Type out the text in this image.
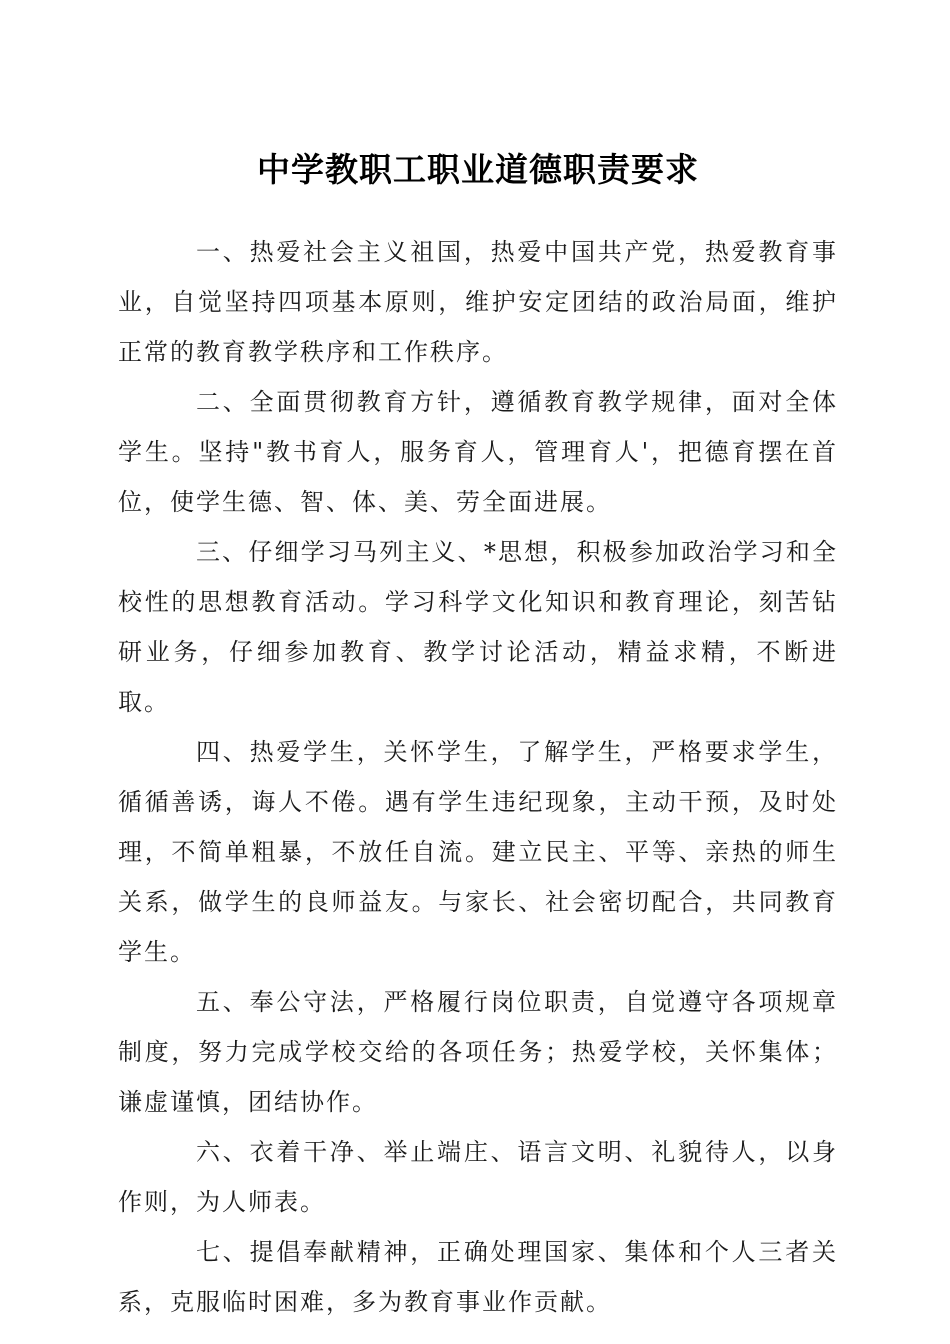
中学教职工职业道德职责要求

一、热爱社会主义祖国，热爱中国共产党，热爱教育事业，自觉坚持四项基本原则，维护安定团结的政治局面，维护正常的教育教学秩序和工作秩序。

二、全面贯彻教育方针，遵循教育教学规律，面对全体学生。坚持"教书育人，服务育人，管理育人'，把德育摆在首位，使学生德、智、体、美、劳全面进展。

三、仔细学习马列主义、*思想，积极参加政治学习和全校性的思想教育活动。学习科学文化知识和教育理论，刻苦钻研业务，仔细参加教育、教学讨论活动，精益求精，不断进取。

四、热爱学生，关怀学生，了解学生，严格要求学生，循循善诱，诲人不倦。遇有学生违纪现象，主动干预，及时处理，不简单粗暴，不放任自流。建立民主、平等、亲热的师生关系，做学生的良师益友。与家长、社会密切配合，共同教育学生。

五、奉公守法，严格履行岗位职责，自觉遵守各项规章制度，努力完成学校交给的各项任务；热爱学校，关怀集体；谦虚谨慎，团结协作。

六、衣着干净、举止端庄、语言文明、礼貌待人，以身作则，为人师表。

七、提倡奉献精神，正确处理国家、集体和个人三者关系，克服临时困难，多为教育事业作贡献。
